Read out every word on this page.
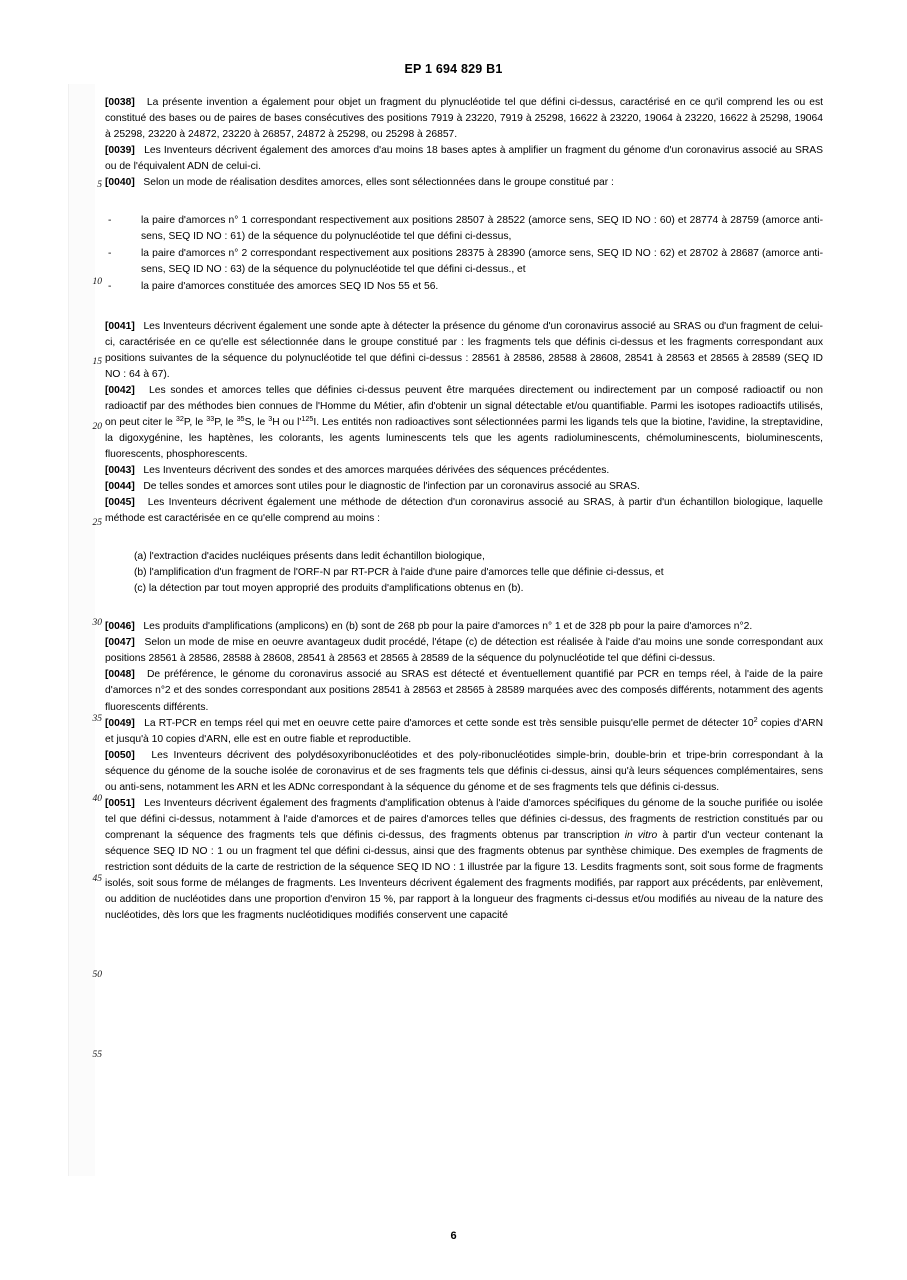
EP 1 694 829 B1
5
10
15
20
25
30
35
40
45
50
55

[0038] La présente invention a également pour objet un fragment du plynucléotide tel que défini ci-dessus, caractérisé en ce qu'il comprend les ou est constitué des bases ou de paires de bases consécutives des positions 7919 à 23220, 7919 à 25298, 16622 à 23220, 19064 à 23220, 16622 à 25298, 19064 à 25298, 23220 à 24872, 23220 à 26857, 24872 à 25298, ou 25298 à 26857.

[0039] Les Inventeurs décrivent également des amorces d'au moins 18 bases aptes à amplifier un fragment du génome d'un coronavirus associé au SRAS ou de l'équivalent ADN de celui-ci.

[0040] Selon un mode de réalisation desdites amorces, elles sont sélectionnées dans le groupe constitué par :

-	la paire d'amorces n° 1 correspondant respectivement aux positions 28507 à 28522 (amorce sens, SEQ ID NO : 60) et 28774 à 28759 (amorce anti-sens, SEQ ID NO : 61) de la séquence du polynucléotide tel que défini ci-dessus,
-	la paire d'amorces n° 2 correspondant respectivement aux positions 28375 à 28390 (amorce sens, SEQ ID NO : 62) et 28702 à 28687 (amorce anti-sens, SEQ ID NO : 63) de la séquence du polynucléotide tel que défini ci-dessus., et
-	la paire d'amorces constituée des amorces SEQ ID Nos 55 et 56.

[0041] Les Inventeurs décrivent également une sonde apte à détecter la présence du génome d'un coronavirus associé au SRAS ou d'un fragment de celui-ci, caractérisée en ce qu'elle est sélectionnée dans le groupe constitué par : les fragments tels que définis ci-dessus et les fragments correspondant aux positions suivantes de la séquence du polynucléotide tel que défini ci-dessus : 28561 à 28586, 28588 à 28608, 28541 à 28563 et 28565 à 28589 (SEQ ID NO : 64 à 67).

[0042] Les sondes et amorces telles que définies ci-dessus peuvent être marquées directement ou indirectement par un composé radioactif ou non radioactif par des méthodes bien connues de l'Homme du Métier, afin d'obtenir un signal détectable et/ou quantifiable. Parmi les isotopes radioactifs utilisés, on peut citer le $^{32}$P, le $^{33}$P, le $^{35}$S, le $^3$H ou $l'^{125}I$. Les entités non radioactives sont sélectionnées parmi les ligands tels que la biotine, l'avidine, la streptavidine, la digoxygénine, les haptènes, les colorants, les agents luminescents tels que les agents radioluminescents, chémoluminescents, bioluminescents, fluorescents, phosphorescents.

[0043] Les Inventeurs décrivent des sondes et des amorces marquées dérivées des séquences précédentes.

[0044] De telles sondes et amorces sont utiles pour le diagnostic de l'infection par un coronavirus associé au SRAS.

[0045] Les Inventeurs décrivent également une méthode de détection d'un coronavirus associé au SRAS, à partir d'un échantillon biologique, laquelle méthode est caractérisée en ce qu'elle comprend au moins :

(a) l'extraction d'acides nucléiques présents dans ledit échantillon biologique,
(b) l'amplification d'un fragment de l'ORF-N par RT-PCR à l'aide d'une paire d'amorces telle que définie ci-dessus, et
(c) la détection par tout moyen approprié des produits d'amplifications obtenus en (b).

[0046] Les produits d'amplifications (amplicons) en (b) sont de 268 pb pour la paire d'amorces n° 1 et de 328 pb pour la paire d'amorces n°2.

[0047] Selon un mode de mise en oeuvre avantageux dudit procédé, l'étape (c) de détection est réalisée à l'aide d'au moins une sonde correspondant aux positions 28561 à 28586, 28588 à 28608, 28541 à 28563 et 28565 à 28589 de la séquence du polynucléotide tel que défini ci-dessus.

[0048] De préférence, le génome du coronavirus associé au SRAS est détecté et éventuellement quantifié par PCR en temps réel, à l'aide de la paire d'amorces n°2 et des sondes correspondant aux positions 28541 à 28563 et 28565 à 28589 marquées avec des composés différents, notamment des agents fluorescents différents.

[0049] La RT-PCR en temps réel qui met en oeuvre cette paire d'amorces et cette sonde est très sensible puisqu'elle permet de détecter $10^2$ copies d'ARN et jusqu'à 10 copies d'ARN, elle est en outre fiable et reproductible.

[0050] Les Inventeurs décrivent des polydésoxyribonucléotides et des poly-ribonucléotides simple-brin, double-brin et tripe-brin correspondant à la séquence du génome de la souche isolée de coronavirus et de ses fragments tels que définis ci-dessus, ainsi qu'à leurs séquences complémentaires, sens ou anti-sens, notamment les ARN et les ADNc correspondant à la séquence du génome et de ses fragments tels que définis ci-dessus.

[0051] Les Inventeurs décrivent également des fragments d'amplification obtenus à l'aide d'amorces spécifiques du génome de la souche purifiée ou isolée tel que défini ci-dessus, notamment à l'aide d'amorces et de paires d'amorces telles que définies ci-dessus, des fragments de restriction constitués par ou comprenant la séquence des fragments tels que définis ci-dessus, des fragments obtenus par transcription in vitro à partir d'un vecteur contenant la séquence SEQ ID NO : 1 ou un fragment tel que défini ci-dessus, ainsi que des fragments obtenus par synthèse chimique. Des exemples de fragments de restriction sont déduits de la carte de restriction de la séquence SEQ ID NO : 1 illustrée par la figure 13. Lesdits fragments sont, soit sous forme de fragments isolés, soit sous forme de mélanges de fragments. Les Inventeurs décrivent également des fragments modifiés, par rapport aux précédents, par enlèvement, ou addition de nucléotides dans une proportion d'environ 15 %, par rapport à la longueur des fragments ci-dessus et/ou modifiés au niveau de la nature des nucléotides, dès lors que les fragments nucléotidiques modifiés conservent une capacité

6
